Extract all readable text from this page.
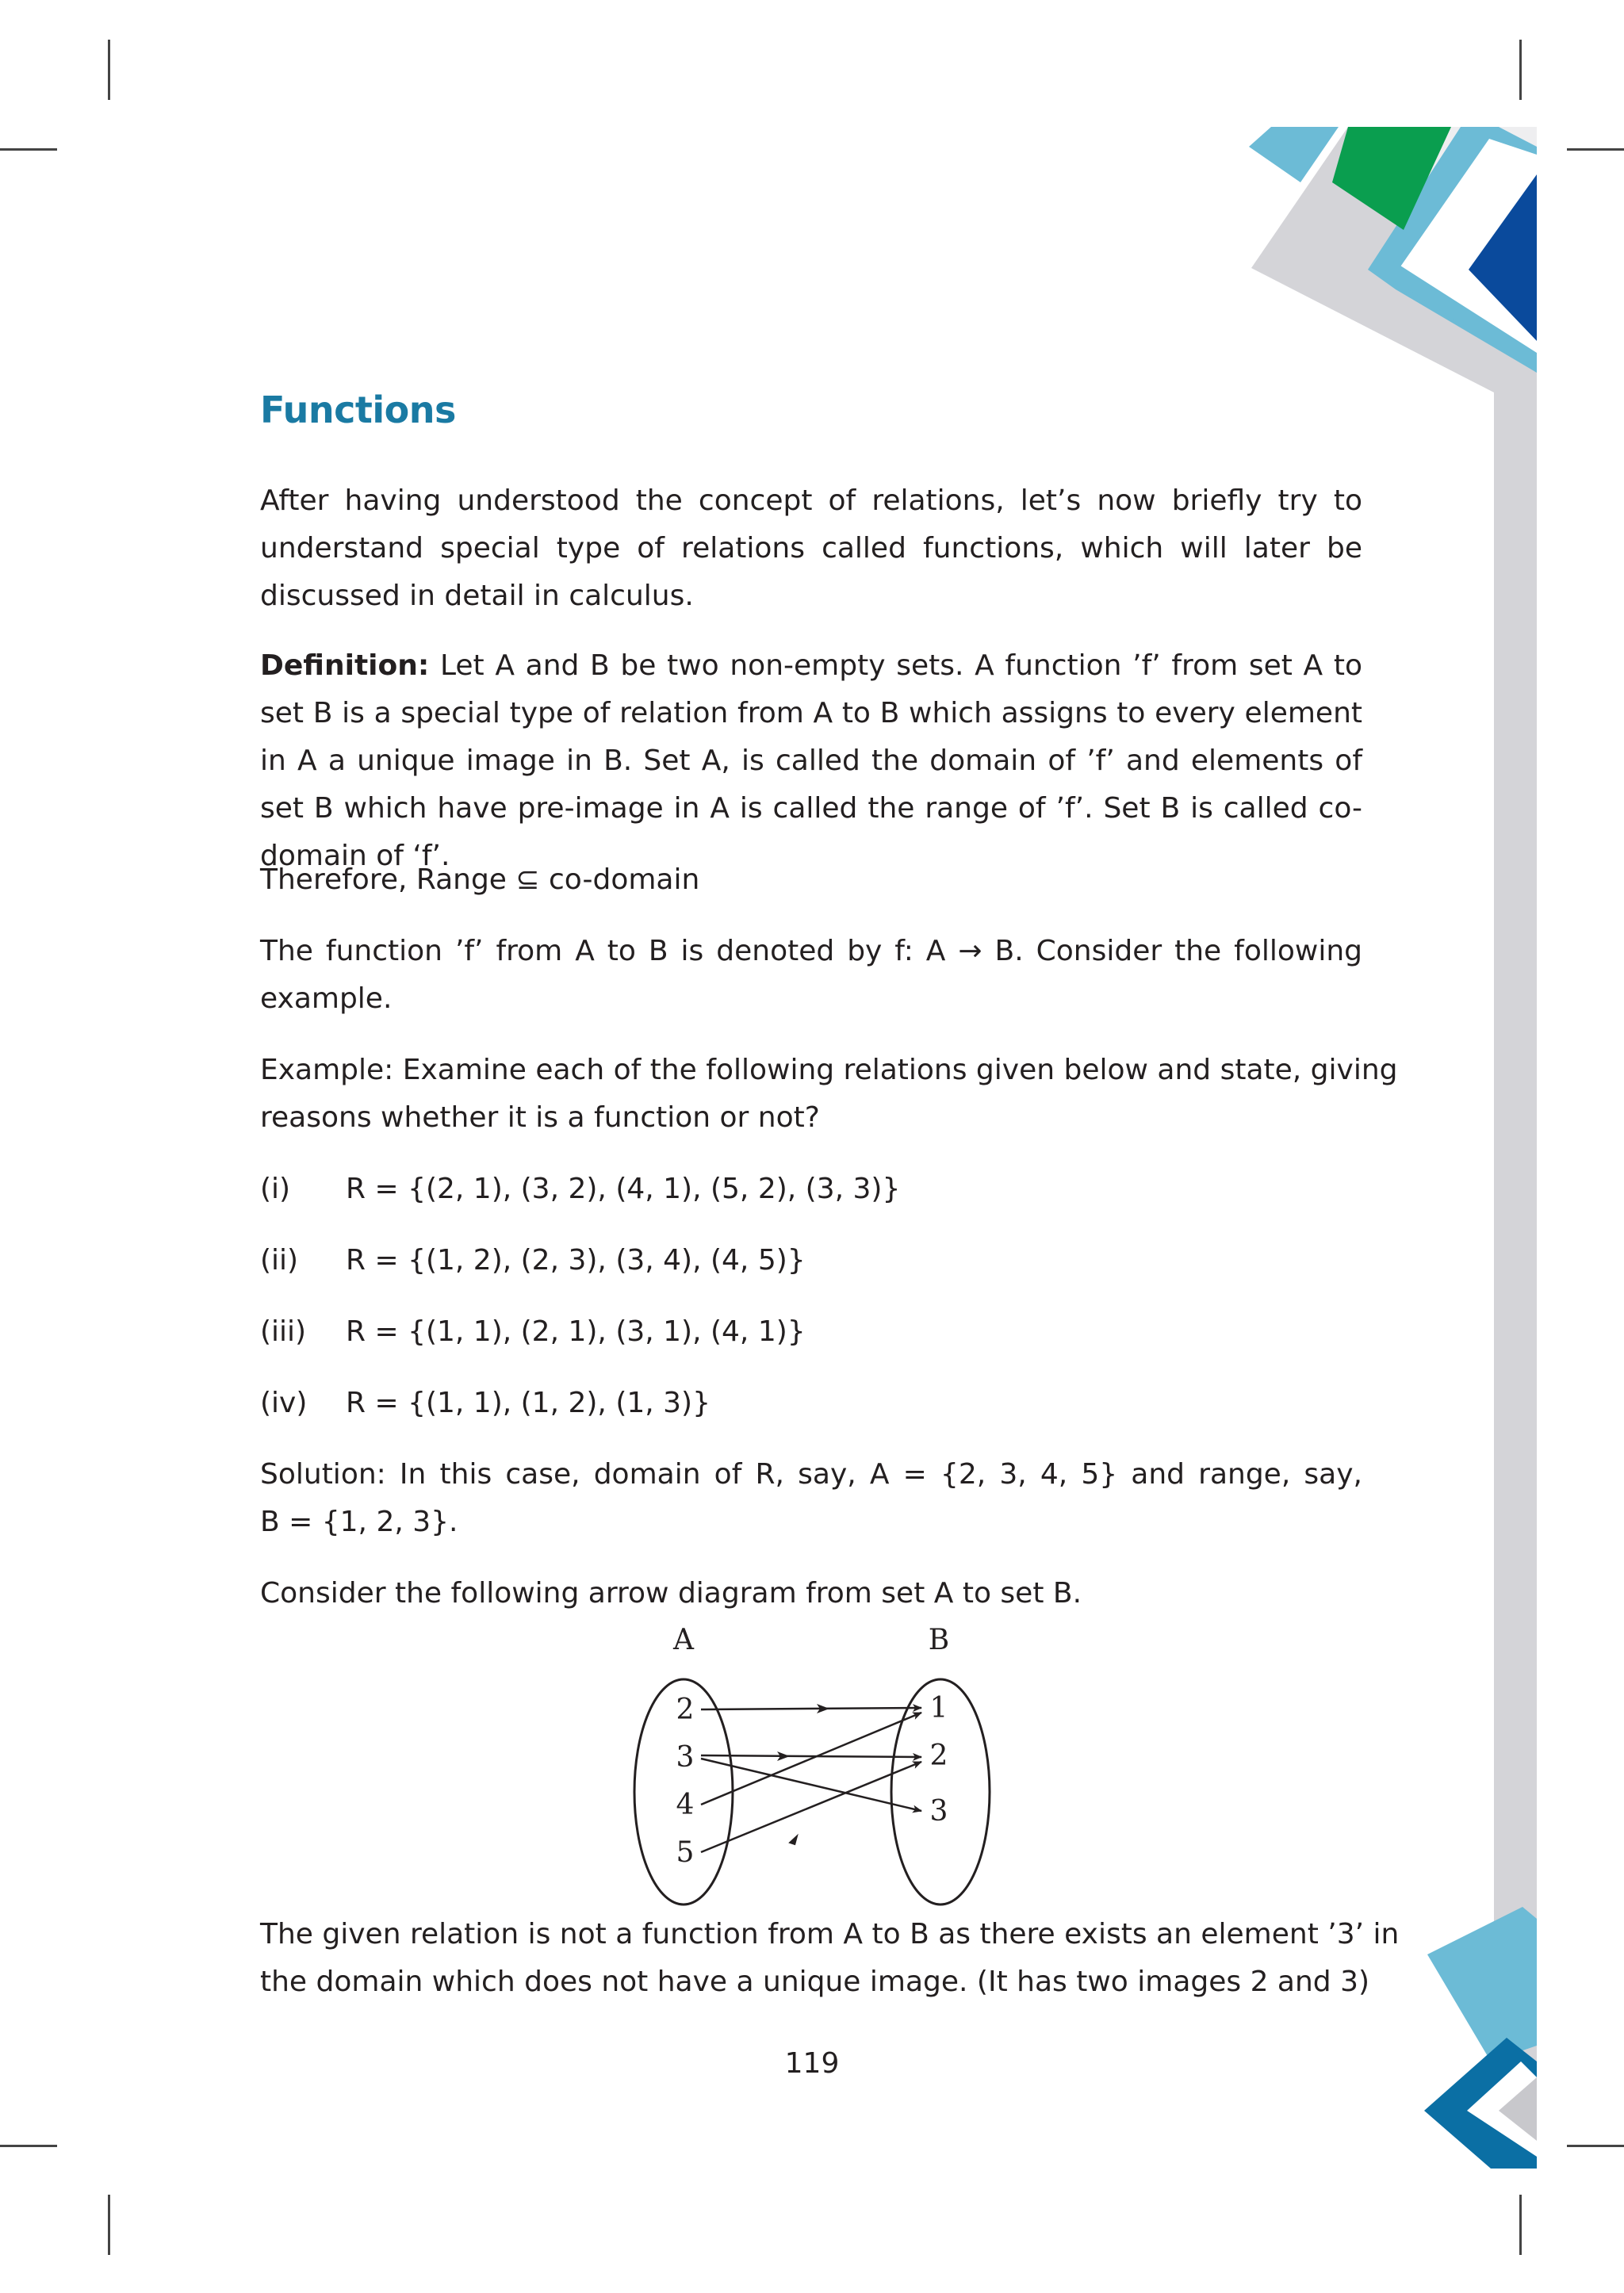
Functions

After having understood the concept of relations, let’s now briefly try to understand special type of relations called functions, which will later be discussed in detail in calculus.

Definition: Let A and B be two non-empty sets. A function ’f’ from set A to set B is a special type of relation from A to B which assigns to every element in A a unique image in B. Set A, is called the domain of ’f’ and elements of set B which have pre-image in A is called the range of ’f’. Set B is called co-domain of ‘f’.

Therefore, Range ⊆ co-domain

The function ’f’ from A to B is denoted by f: A → B. Consider the following

example.

Example: Examine each of the following relations given below and state, giving

reasons whether it is a function or not?

(i) R = {(2, 1), (3, 2), (4, 1), (5, 2), (3, 3)}

(ii) R = {(1, 2), (2, 3), (3, 4), (4, 5)}

(iii) R = {(1, 1), (2, 1), (3, 1), (4, 1)}

(iv) R = {(1, 1), (1, 2), (1, 3)}

Solution: In this case, domain of R, say, A = {2, 3, 4, 5} and range, say,

B = {1, 2, 3}.

Consider the following arrow diagram from set A to set B.

A	B
2
3
4
5
1
2
3

The given relation is not a function from A to B as there exists an element ’3’ in

the domain which does not have a unique image. (It has two images 2 and 3)

119
